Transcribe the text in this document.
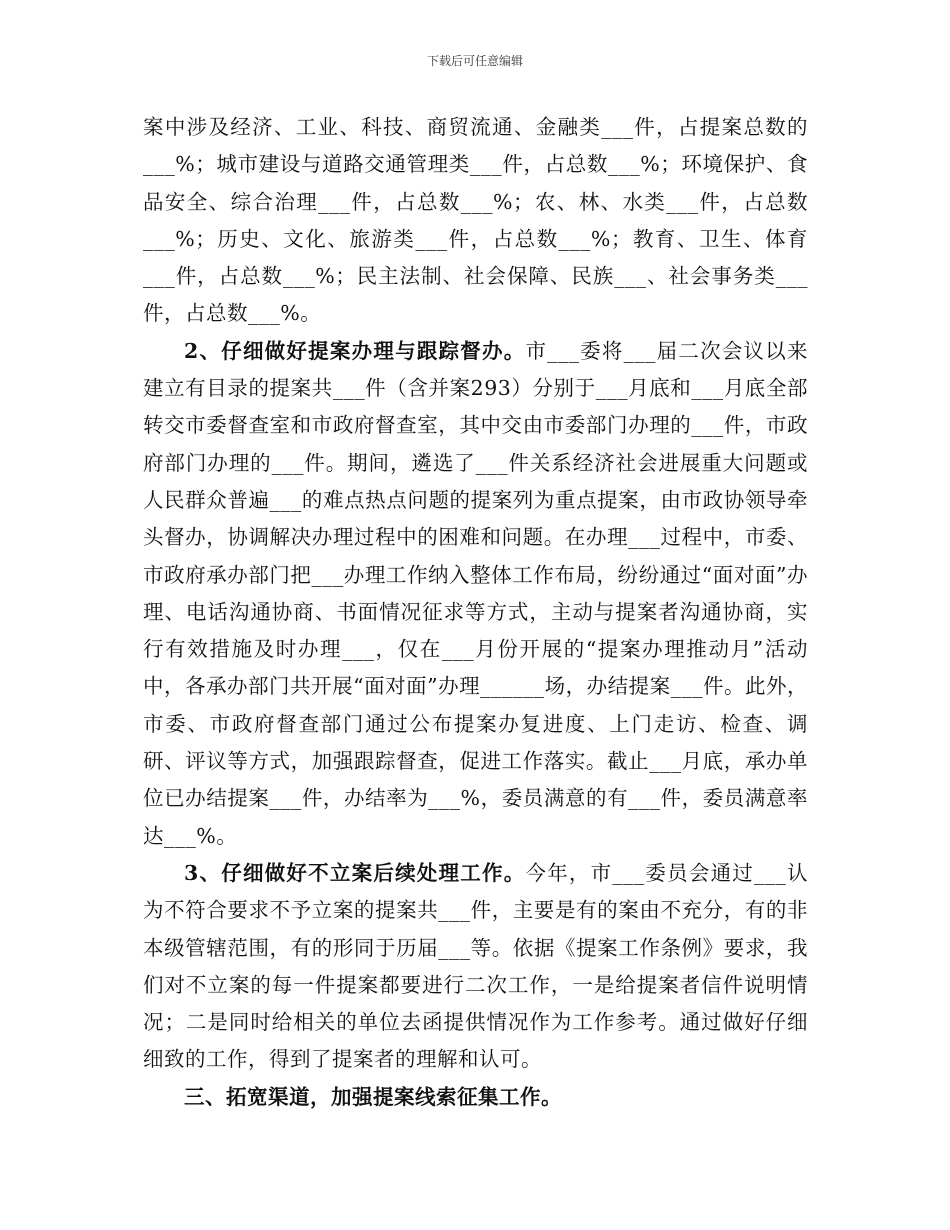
下载后可任意编辑

案中涉及经济、工业、科技、商贸流通、金融类___件，占提案总数的___%；城市建设与道路交通管理类___件，占总数___%；环境保护、食品安全、综合治理___件，占总数___%；农、林、水类___件，占总数___%；历史、文化、旅游类___件，占总数___%；教育、卫生、体育___件，占总数___%；民主法制、社会保障、民族___、社会事务类___件，占总数___%。

2、仔细做好提案办理与跟踪督办。市___委将___届二次会议以来建立有目录的提案共___件（含并案293）分别于___月底和___月底全部转交市委督查室和市政府督查室，其中交由市委部门办理的___件，市政府部门办理的___件。期间，遴选了___件关系经济社会进展重大问题或人民群众普遍___的难点热点问题的提案列为重点提案，由市政协领导牵头督办，协调解决办理过程中的困难和问题。在办理___过程中，市委、市政府承办部门把___办理工作纳入整体工作布局，纷纷通过“面对面”办理、电话沟通协商、书面情况征求等方式，主动与提案者沟通协商，实行有效措施及时办理___，仅在___月份开展的“提案办理推动月”活动中，各承办部门共开展“面对面”办理______场，办结提案___件。此外，市委、市政府督查部门通过公布提案办复进度、上门走访、检查、调研、评议等方式，加强跟踪督查，促进工作落实。截止___月底，承办单位已办结提案___件，办结率为___%，委员满意的有___件，委员满意率达___%。

3、仔细做好不立案后续处理工作。今年，市___委员会通过___认为不符合要求不予立案的提案共___件，主要是有的案由不充分，有的非本级管辖范围，有的形同于历届___等。依据《提案工作条例》要求，我们对不立案的每一件提案都要进行二次工作，一是给提案者信件说明情况；二是同时给相关的单位去函提供情况作为工作参考。通过做好仔细细致的工作，得到了提案者的理解和认可。

三、拓宽渠道，加强提案线索征集工作。
